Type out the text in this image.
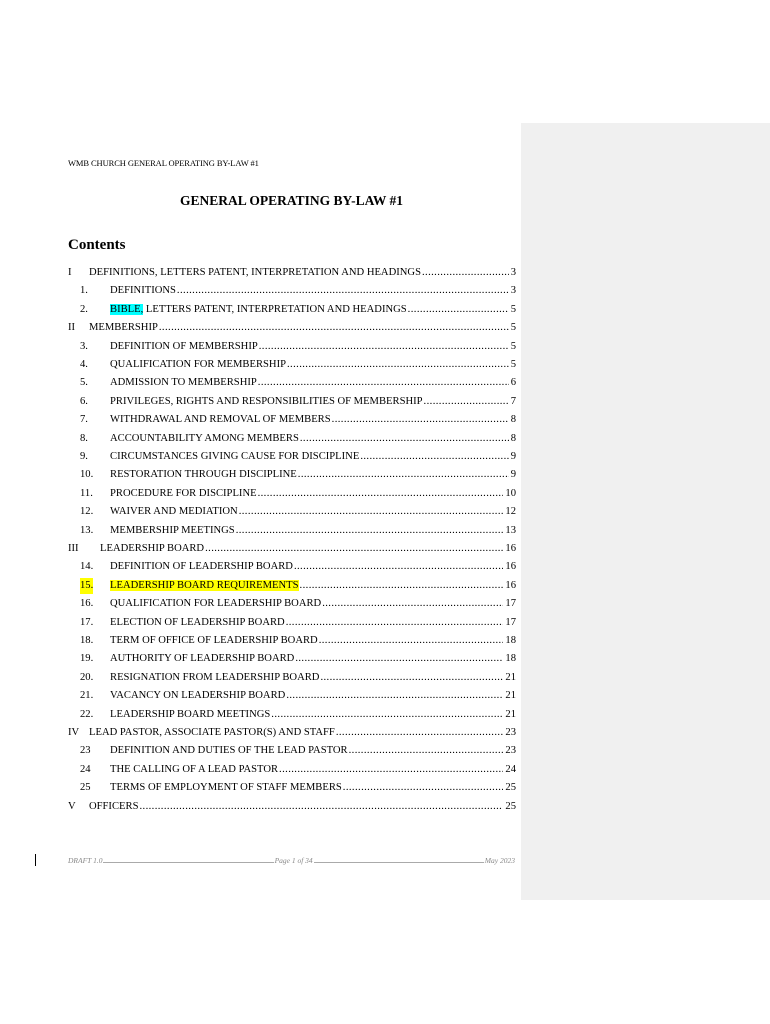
WMB CHURCH GENERAL OPERATING BY-LAW #1
GENERAL OPERATING BY-LAW #1
Contents
I DEFINITIONS, LETTERS PATENT, INTERPRETATION AND HEADINGS .....	3
1. DEFINITIONS .....	3
2. BIBLE, LETTERS PATENT, INTERPRETATION AND HEADINGS .....	5
II MEMBERSHIP .....	5
3. DEFINITION OF MEMBERSHIP .....	5
4. QUALIFICATION FOR MEMBERSHIP .....	5
5. ADMISSION TO MEMBERSHIP .....	6
6. PRIVILEGES, RIGHTS AND RESPONSIBILITIES OF MEMBERSHIP .....	7
7. WITHDRAWAL AND REMOVAL OF MEMBERS .....	8
8. ACCOUNTABILITY AMONG MEMBERS .....	8
9. CIRCUMSTANCES GIVING CAUSE FOR DISCIPLINE .....	9
10. RESTORATION THROUGH DISCIPLINE .....	9
11. PROCEDURE FOR DISCIPLINE .....	10
12. WAIVER AND MEDIATION .....	12
13. MEMBERSHIP MEETINGS .....	13
III LEADERSHIP BOARD .....	16
14. DEFINITION OF LEADERSHIP BOARD .....	16
15. LEADERSHIP BOARD REQUIREMENTS .....	16
16. QUALIFICATION FOR LEADERSHIP BOARD .....	17
17. ELECTION OF LEADERSHIP BOARD .....	17
18. TERM OF OFFICE OF LEADERSHIP BOARD .....	18
19. AUTHORITY OF LEADERSHIP BOARD .....	18
20. RESIGNATION FROM LEADERSHIP BOARD .....	21
21. VACANCY ON LEADERSHIP BOARD .....	21
22. LEADERSHIP BOARD MEETINGS .....	21
IV LEAD PASTOR, ASSOCIATE PASTOR(S) AND STAFF .....	23
23 DEFINITION AND DUTIES OF THE LEAD PASTOR .....	23
24 THE CALLING OF A LEAD PASTOR .....	24
25 TERMS OF EMPLOYMENT OF STAFF MEMBERS .....	25
V OFFICERS .....	25
DRAFT 1.0	Page 1 of 34	May 2023
